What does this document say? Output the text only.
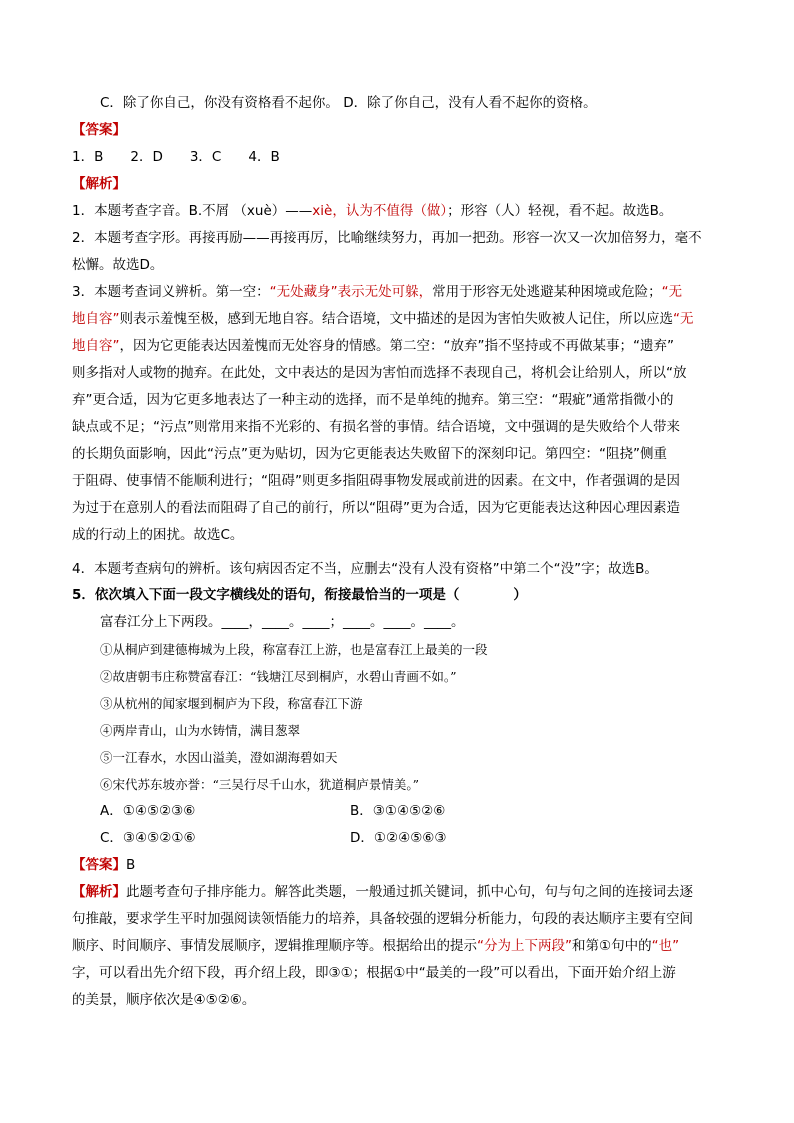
C．除了你自己，你没有资格看不起你。 D．除了你自己，没有人看不起你的资格。
【答案】
1．B　　2．D　　3．C　　4．B
【解析】
1．本题考查字音。B.不屑 （xuè）——xiè，认为不值得（做）；形容（人）轻视，看不起。故选B。
2．本题考查字形。再接再励——再接再厉，比喻继续努力，再加一把劲。形容一次又一次加倍努力，毫不
松懈。故选D。
3．本题考查词义辨析。第一空：“无处藏身”表示无处可躲，常用于形容无处逃避某种困境或危险；“无
地自容”则表示羞愧至极，感到无地自容。结合语境，文中描述的是因为害怕失败被人记住，所以应选“无
地自容”，因为它更能表达因羞愧而无处容身的情感。第二空：“放弃”指不坚持或不再做某事；“遗弃”
则多指对人或物的抛弃。在此处，文中表达的是因为害怕而选择不表现自己，将机会让给别人，所以“放
弃”更合适，因为它更多地表达了一种主动的选择，而不是单纯的抛弃。第三空：“瑕疵”通常指微小的
缺点或不足；“污点”则常用来指不光彩的、有损名誉的事情。结合语境，文中强调的是失败给个人带来
的长期负面影响，因此“污点”更为贴切，因为它更能表达失败留下的深刻印记。第四空：“阻挠”侧重
于阻碍、使事情不能顺利进行；“阻碍”则更多指阻碍事物发展或前进的因素。在文中，作者强调的是因
为过于在意别人的看法而阻碍了自己的前行，所以“阻碍”更为合适，因为它更能表达这种因心理因素造
成的行动上的困扰。故选C。
4．本题考查病句的辨析。该句病因否定不当，应删去“没有人没有资格”中第二个“没”字；故选B。
5．依次填入下面一段文字横线处的语句，衔接最恰当的一项是（　　　　）
富春江分上下两段。____，____。____；____。____。____。
①从桐庐到建德梅城为上段，称富春江上游，也是富春江上最美的一段
②故唐朝韦庄称赞富春江：“钱塘江尽到桐庐，水碧山青画不如。”
③从杭州的闻家堰到桐庐为下段，称富春江下游
④两岸青山，山为水铸情，满目葱翠
⑤一江春水，水因山溢美，澄如湖海碧如天
⑥宋代苏东坡亦誉：“三吴行尽千山水，犹道桐庐景情美。”
A．①④⑤②③⑥	B．③①④⑤②⑥
C．③④⑤②①⑥	D．①②④⑤⑥③
【答案】B
【解析】此题考查句子排序能力。解答此类题，一般通过抓关键词，抓中心句，句与句之间的连接词去逐
句推敲，要求学生平时加强阅读领悟能力的培养，具备较强的逻辑分析能力，句段的表达顺序主要有空间
顺序、时间顺序、事情发展顺序，逻辑推理顺序等。根据给出的提示“分为上下两段”和第①句中的“也”
字，可以看出先介绍下段，再介绍上段，即③①；根据①中“最美的一段”可以看出，下面开始介绍上游
的美景，顺序依次是④⑤②⑥。
